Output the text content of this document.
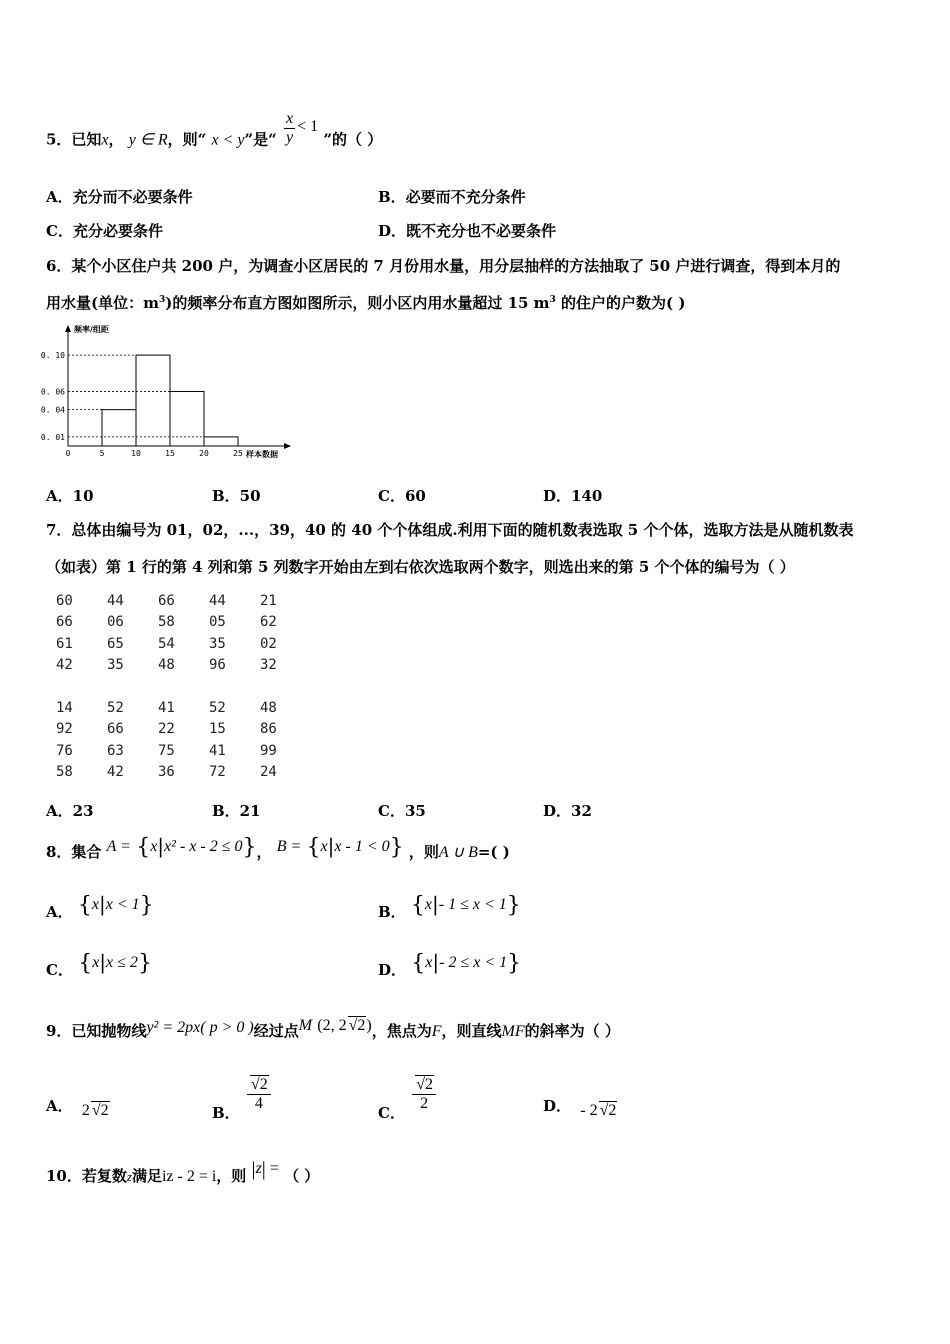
5．已知x， y ∈ R，则“ x < y”是“ $\frac{x}{y} < 1$ ”的（ ）
A．充分而不必要条件	B．必要而不充分条件
C．充分必要条件	D．既不充分也不必要条件
6．某个小区住户共 200 户，为调查小区居民的 7 月份用水量，用分层抽样的方法抽取了 50 户进行调查，得到本月的
用水量(单位：$m^3$)的频率分布直方图如图所示，则小区内用水量超过 15 $m^3$ 的住户的户数为( )
0. 10
0. 06
0. 04
0. 01
0	5	10	15	20	25
频率/组距
样本数据
A．10	B．50	C．60	D．140
7．总体由编号为 01，02，...，39，40 的 40 个个体组成.利用下面的随机数表选取 5 个个体，选取方法是从随机数表
（如表）第 1 行的第 4 列和第 5 列数字开始由左到右依次选取两个数字，则选出来的第 5 个个体的编号为（ ）
60	44	66	44	21
66	06	58	05	62
61	65	54	35	02
42	35	48	96	32
14	52	41	52	48
92	66	22	15	86
76	63	75	41	99
58	42	36	72	24
A．23	B．21	C．35	D．32
8．集合 A = {x|x² - x - 2 ≤ 0}， B = {x|x - 1 < 0} ，则A ∪ B=( )
A． {x|x < 1}	B． {x|- 1 ≤ x < 1}
C． {x|x ≤ 2}	D． {x|- 2 ≤ x < 1}
9．已知抛物线y² = 2px( p > 0 )经过点M (2, 2 √2)，焦点为F，则直线MF的斜率为（ ）
A． 2 √2	B． $\frac{√2}{4}$	C． $\frac{√2}{2}$	D． - 2 √2
10．若复数z满足iz - 2 = i，则 |z| = （ ）
